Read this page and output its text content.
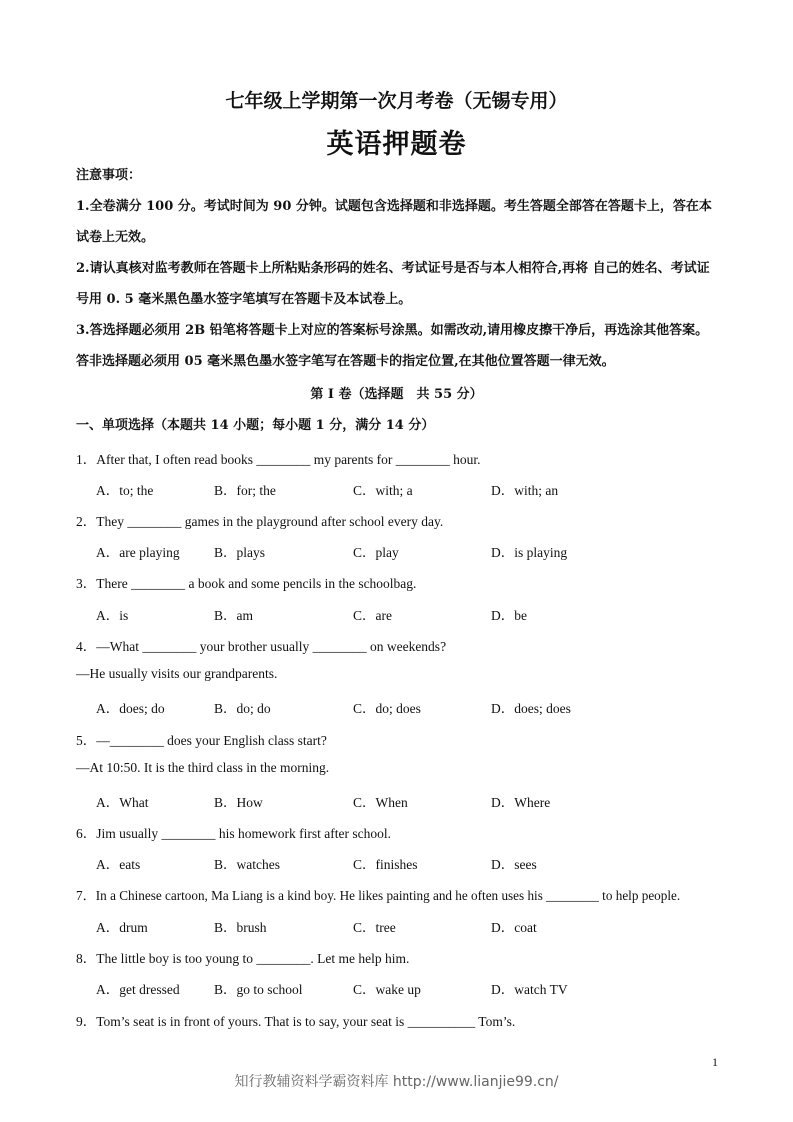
七年级上学期第一次月考卷（无锡专用）
英语押题卷
注意事项：
1.全卷满分 100 分。考试时间为 90 分钟。试题包含选择题和非选择题。考生答题全部答在答题卡上，答在本试卷上无效。
2.请认真核对监考教师在答题卡上所粘贴条形码的姓名、考试证号是否与本人相符合,再将 自己的姓名、考试证号用 0. 5 毫米黑色墨水签字笔填写在答题卡及本试卷上。
3.答选择题必须用 2B 铅笔将答题卡上对应的答案标号涂黑。如需改动,请用橡皮擦干净后，再选涂其他答案。答非选择题必须用 05 毫米黑色墨水签字笔写在答题卡的指定位置,在其他位置答题一律无效。
第 I 卷（选择题　共 55 分）
一、单项选择（本题共 14 小题；每小题 1 分，满分 14 分）
1．After that, I often read books ________ my parents for ________ hour.
A．to; the	B．for; the	C．with; a	D．with; an
2．They ________ games in the playground after school every day.
A．are playing	B．plays	C．play	D．is playing
3．There ________ a book and some pencils in the schoolbag.
A．is	B．am	C．are	D．be
4．—What ________ your brother usually ________ on weekends?
—He usually visits our grandparents.
A．does; do	B．do; do	C．do; does	D．does; does
5．—________ does your English class start?
—At 10:50. It is the third class in the morning.
A．What	B．How	C．When	D．Where
6．Jim usually ________ his homework first after school.
A．eats	B．watches	C．finishes	D．sees
7．In a Chinese cartoon, Ma Liang is a kind boy. He likes painting and he often uses his ________ to help people.
A．drum	B．brush	C．tree	D．coat
8．The little boy is too young to ________. Let me help him.
A．get dressed	B．go to school	C．wake up	D．watch TV
9．Tom’s seat is in front of yours. That is to say, your seat is __________ Tom’s.
1
知行教辅资料学霸资料库 http://www.lianjie99.cn/
